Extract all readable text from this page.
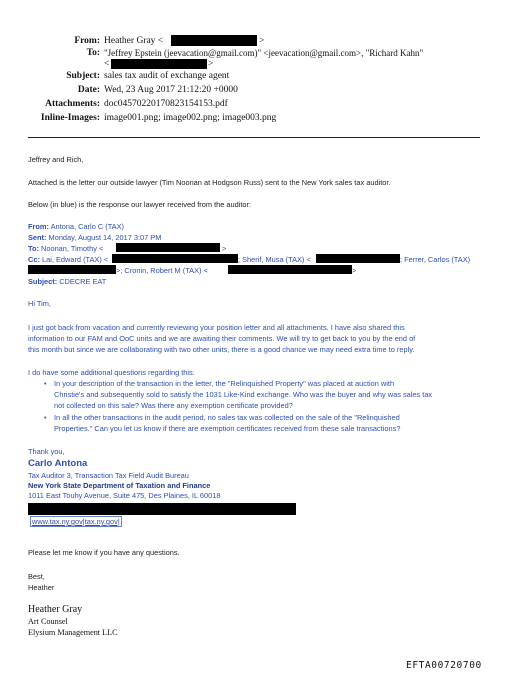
From: Heather Gray <	>
To: "Jeffrey Epstein (jeevacation@gmail.com)" <jeevacation@gmail.com>, "Richard Kahn"
<	>
Subject: sales tax audit of exchange agent
Date: Wed, 23 Aug 2017 21:12:20 +0000
Attachments: doc04570220170823154153.pdf
Inline-Images: image001.png; image002.png; image003.png
Jeffrey and Rich,
Attached is the letter our outside lawyer (Tim Noonan at Hodgson Russ) sent to the New York sales tax auditor.
Below (in blue) is the response our lawyer received from the auditor:
From: Antona, Carlo C (TAX)
Sent: Monday, August 14, 2017 3:07 PM
To: Noonan, Timothy <	>
Cc: Lai, Edward (TAX) <	; Sherif, Musa (TAX) <	; Ferrer, Carlos (TAX)
>; Cronin, Robert M (TAX) <	>
Subject: CDECRE EAT
Hi Tim,
I just got back from vacation and currently reviewing your position letter and all attachments. I have also shared this
information to our FAM and OoC units and we are awaiting their comments. We will try to get back to you by the end of
this month but since we are collaborating with two other units, there is a good chance we may need extra time to reply.
I do have some additional questions regarding this:
• In your description of the transaction in the letter, the "Relinquished Property" was placed at auction with
Christie's and subsequently sold to satisfy the 1031 Like-Kind exchange. Who was the buyer and why was sales tax
not collected on this sale? Was there any exemption certificate provided?
• In all the other transactions in the audit period, no sales tax was collected on the sale of the "Relinquished
Properties." Can you let us know if there are exemption certificates received from these sale transactions?
Thank you,
Carlo Antona
Tax Auditor 3, Transaction Tax Field Audit Bureau
New York State Department of Taxation and Finance
1011 East Touhy Avenue, Suite 475, Des Plaines, IL 60018
www.tax.ny.gov|tax.ny.gov|
Please let me know if you have any questions.
Best,
Heather
Heather Gray
Art Counsel
Elysium Management LLC
EFTA00720700
